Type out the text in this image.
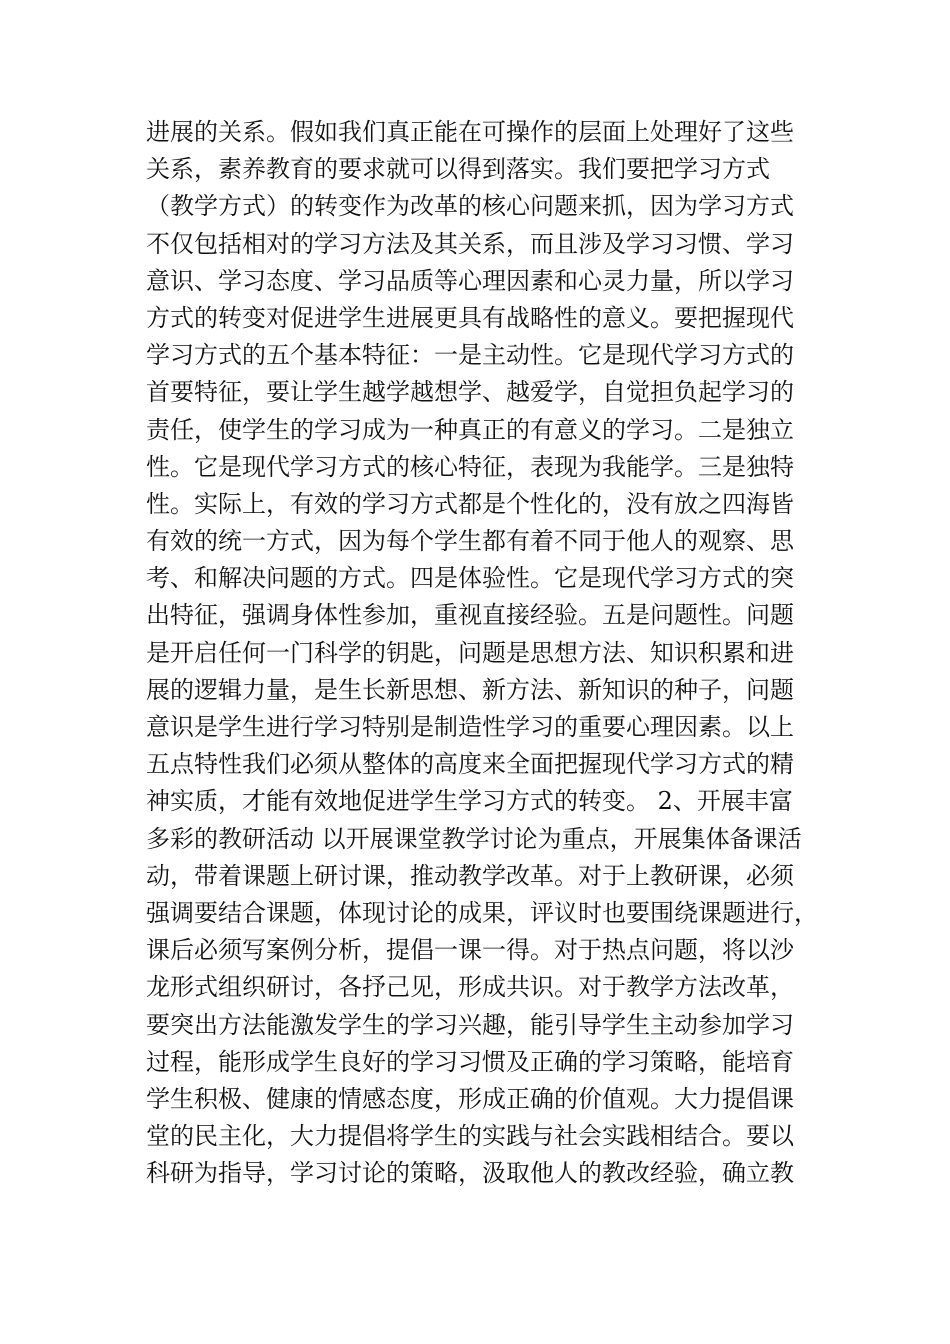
进展的关系。假如我们真正能在可操作的层面上处理好了这些
关系，素养教育的要求就可以得到落实。我们要把学习方式
（教学方式）的转变作为改革的核心问题来抓，因为学习方式
不仅包括相对的学习方法及其关系，而且涉及学习习惯、学习
意识、学习态度、学习品质等心理因素和心灵力量，所以学习
方式的转变对促进学生进展更具有战略性的意义。要把握现代
学习方式的五个基本特征：一是主动性。它是现代学习方式的
首要特征，要让学生越学越想学、越爱学，自觉担负起学习的
责任，使学生的学习成为一种真正的有意义的学习。二是独立
性。它是现代学习方式的核心特征，表现为我能学。三是独特
性。实际上，有效的学习方式都是个性化的，没有放之四海皆
有效的统一方式，因为每个学生都有着不同于他人的观察、思
考、和解决问题的方式。四是体验性。它是现代学习方式的突
出特征，强调身体性参加，重视直接经验。五是问题性。问题
是开启任何一门科学的钥匙，问题是思想方法、知识积累和进
展的逻辑力量，是生长新思想、新方法、新知识的种子，问题
意识是学生进行学习特别是制造性学习的重要心理因素。以上
五点特性我们必须从整体的高度来全面把握现代学习方式的精
神实质，才能有效地促进学生学习方式的转变。 2、开展丰富
多彩的教研活动 以开展课堂教学讨论为重点，开展集体备课活
动，带着课题上研讨课，推动教学改革。对于上教研课，必须
强调要结合课题，体现讨论的成果，评议时也要围绕课题进行，
课后必须写案例分析，提倡一课一得。对于热点问题，将以沙
龙形式组织研讨，各抒己见，形成共识。对于教学方法改革，
要突出方法能激发学生的学习兴趣，能引导学生主动参加学习
过程，能形成学生良好的学习习惯及正确的学习策略，能培育
学生积极、健康的情感态度，形成正确的价值观。大力提倡课
堂的民主化，大力提倡将学生的实践与社会实践相结合。要以
科研为指导，学习讨论的策略，汲取他人的教改经验，确立教
